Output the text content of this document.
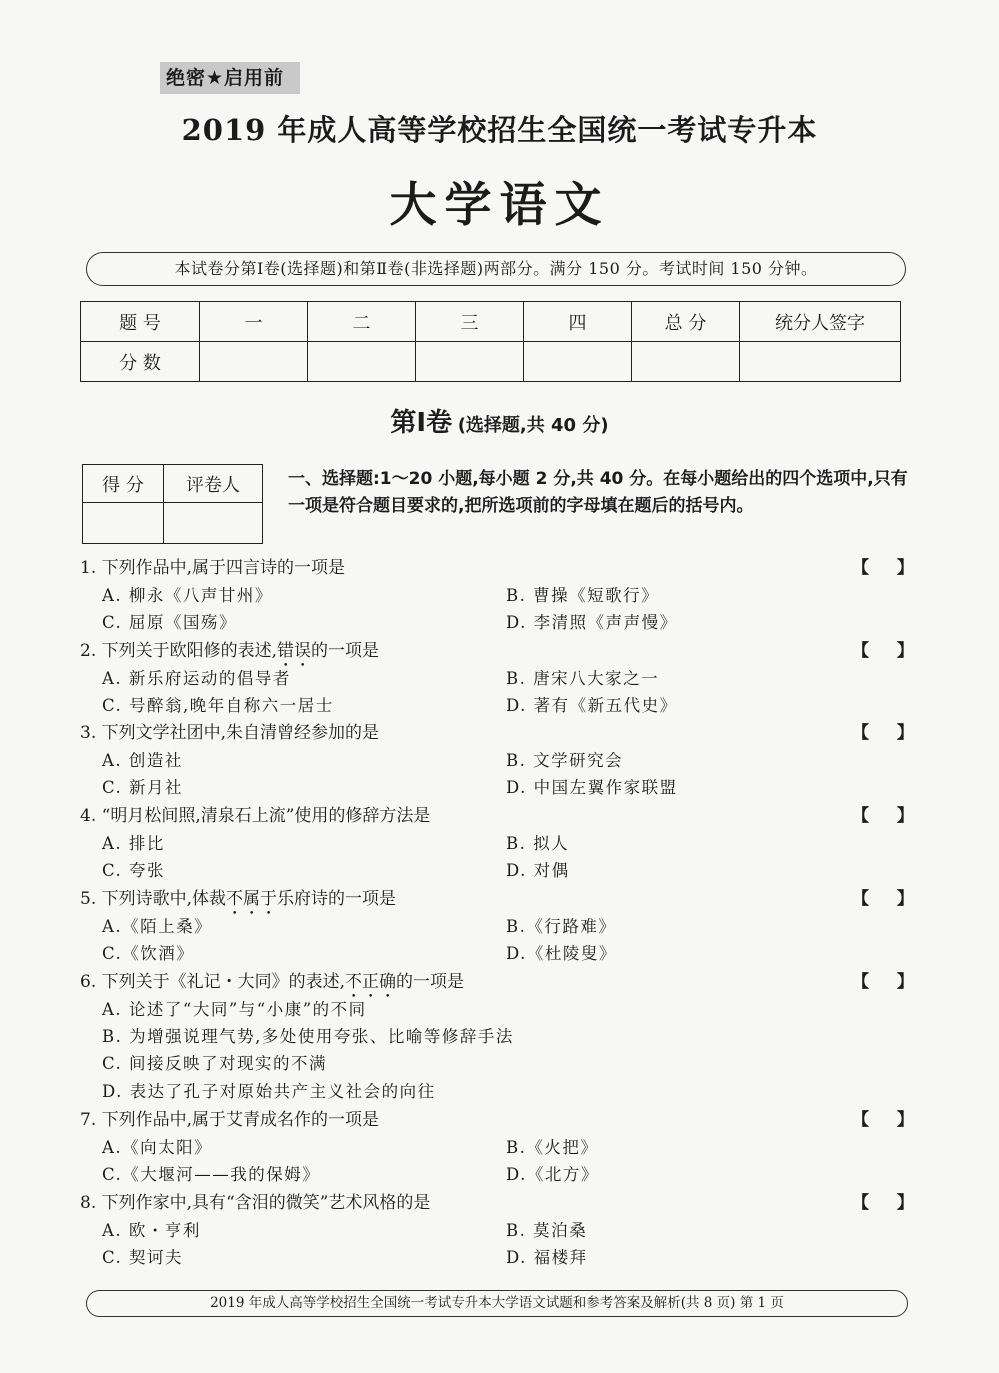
绝密★启用前
2019 年成人高等学校招生全国统一考试专升本
大学语文
本试卷分第Ⅰ卷(选择题)和第Ⅱ卷(非选择题)两部分。满分 150 分。考试时间 150 分钟。
题 号	一	二	三	四	总 分	统分人签字
分 数						
第Ⅰ卷 (选择题,共 40 分)
得 分	评卷人
		一、选择题:1～20 小题,每小题 2 分,共 40 分。在每小题给出的四个选项中,只有一项是符合题目要求的,把所选项前的字母填在题后的括号内。
1. 下列作品中,属于四言诗的一项是	【 】
A. 柳永《八声甘州》	B. 曹操《短歌行》
C. 屈原《国殇》	D. 李清照《声声慢》
2. 下列关于欧阳修的表述,错误的一项是	【 】
A. 新乐府运动的倡导者	B. 唐宋八大家之一
C. 号醉翁,晚年自称六一居士	D. 著有《新五代史》
3. 下列文学社团中,朱自清曾经参加的是	【 】
A. 创造社	B. 文学研究会
C. 新月社	D. 中国左翼作家联盟
4. “明月松间照,清泉石上流”使用的修辞方法是	【 】
A. 排比	B. 拟人
C. 夸张	D. 对偶
5. 下列诗歌中,体裁不属于乐府诗的一项是	【 】
A.《陌上桑》	B.《行路难》
C.《饮酒》	D.《杜陵叟》
6. 下列关于《礼记・大同》的表述,不正确的一项是	【 】
A. 论述了“大同”与“小康”的不同
B. 为增强说理气势,多处使用夸张、比喻等修辞手法
C. 间接反映了对现实的不满
D. 表达了孔子对原始共产主义社会的向往
7. 下列作品中,属于艾青成名作的一项是	【 】
A.《向太阳》	B.《火把》
C.《大堰河——我的保姆》	D.《北方》
8. 下列作家中,具有“含泪的微笑”艺术风格的是	【 】
A. 欧・亨利	B. 莫泊桑
C. 契诃夫	D. 福楼拜
2019 年成人高等学校招生全国统一考试专升本大学语文试题和参考答案及解析(共 8 页) 第 1 页
